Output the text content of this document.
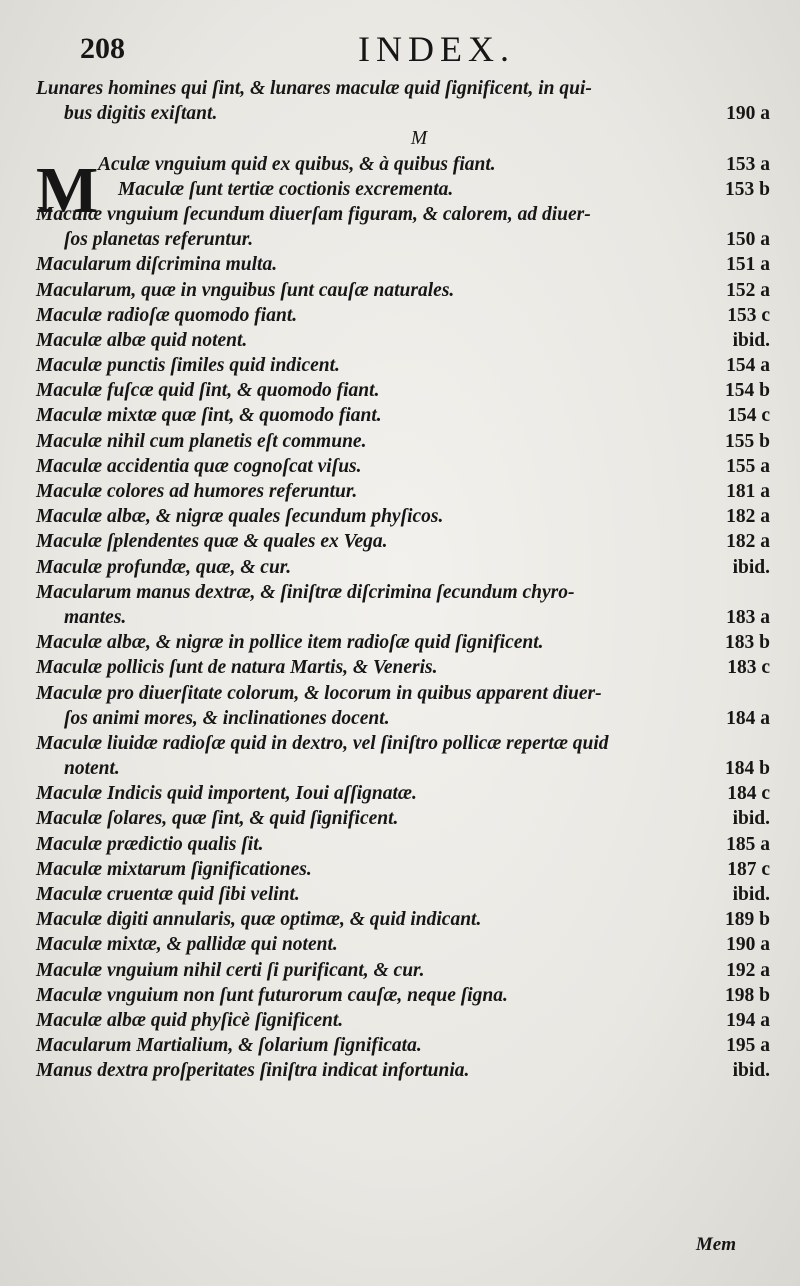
208	INDEX.
M
Lunares homines qui ſint, & lunares maculæ quid ſignificent, in qui-
bus digitis exiſtant.	190 a
M
Aculæ vnguium quid ex quibus, & à quibus fiant.	153 a
Maculæ ſunt tertiæ coctionis excrementa.	153 b
Maculæ vnguium ſecundum diuerſam figuram, & calorem, ad diuer-
ſos planetas referuntur.	150 a
Macularum diſcrimina multa.	151 a
Macularum, quæ in vnguibus ſunt cauſæ naturales.	152 a
Maculæ radioſæ quomodo fiant.	153 c
Maculæ albæ quid notent.	ibid.
Maculæ punctis ſimiles quid indicent.	154 a
Maculæ fuſcæ quid ſint, & quomodo fiant.	154 b
Maculæ mixtæ quæ ſint, & quomodo fiant.	154 c
Maculæ nihil cum planetis eſt commune.	155 b
Maculæ accidentia quæ cognoſcat viſus.	155 a
Maculæ colores ad humores referuntur.	181 a
Maculæ albæ, & nigræ quales ſecundum phyſicos.	182 a
Maculæ ſplendentes quæ & quales ex Vega.	182 a
Maculæ profundæ, quæ, & cur.	ibid.
Macularum manus dextræ, & ſiniſtræ diſcrimina ſecundum chyro-
mantes.	183 a
Maculæ albæ, & nigræ in pollice item radioſæ quid ſignificent.	183 b
Maculæ pollicis ſunt de natura Martis, & Veneris.	183 c
Maculæ pro diuerſitate colorum, & locorum in quibus apparent diuer-
ſos animi mores, & inclinationes docent.	184 a
Maculæ liuidæ radioſæ quid in dextro, vel ſiniſtro pollicæ repertæ quid
notent.	184 b
Maculæ Indicis quid importent, Ioui aſſignatæ.	184 c
Maculæ ſolares, quæ ſint, & quid ſignificent.	ibid.
Maculæ prædictio qualis ſit.	185 a
Maculæ mixtarum ſignificationes.	187 c
Maculæ cruentæ quid ſibi velint.	ibid.
Maculæ digiti annularis, quæ optimæ, & quid indicant.	189 b
Maculæ mixtæ, & pallidæ qui notent.	190 a
Maculæ vnguium nihil certi ſi purificant, & cur.	192 a
Maculæ vnguium non ſunt futurorum cauſæ, neque ſigna.	198 b
Maculæ albæ quid phyſicè ſignificent.	194 a
Macularum Martialium, & ſolarium ſignificata.	195 a
Manus dextra proſperitates ſiniſtra indicat infortunia.	ibid.
Mem
